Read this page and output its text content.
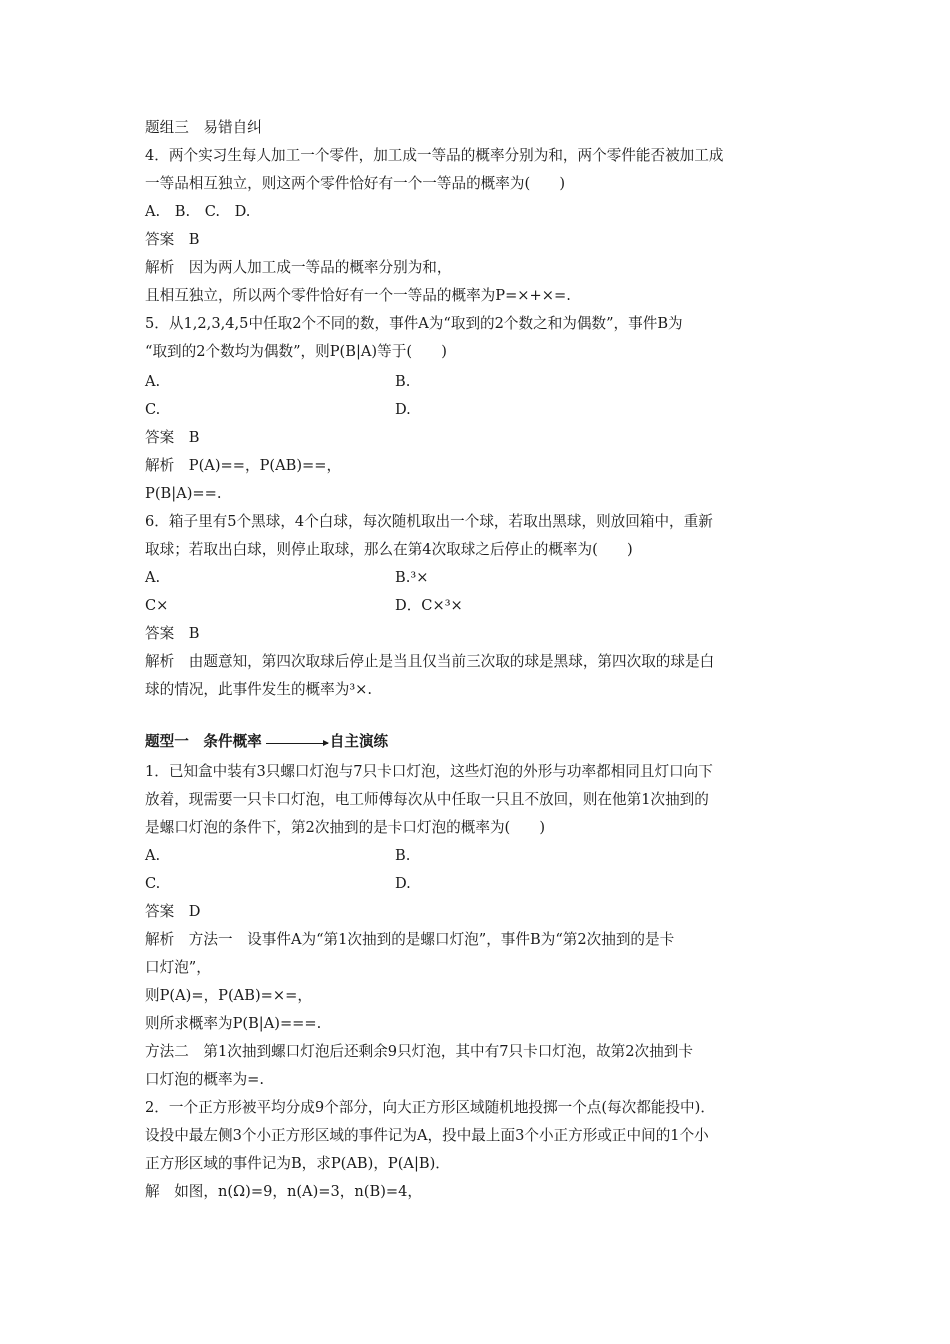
题组三　易错自纠
4．两个实习生每人加工一个零件，加工成一等品的概率分别为和，两个零件能否被加工成
一等品相互独立，则这两个零件恰好有一个一等品的概率为(　　)
A.　B.　C.　D.
答案　B
解析　因为两人加工成一等品的概率分别为和，
且相互独立，所以两个零件恰好有一个一等品的概率为P=×+×=.
5．从1,2,3,4,5中任取2个不同的数，事件A为“取到的2个数之和为偶数”，事件B为
“取到的2个数均为偶数”，则P(B|A)等于(　　)
A.	B.
C.	D.
答案　B
解析　P(A)==，P(AB)==，
P(B|A)==.
6．箱子里有5个黑球，4个白球，每次随机取出一个球，若取出黑球，则放回箱中，重新
取球；若取出白球，则停止取球，那么在第4次取球之后停止的概率为(　　)
A.	B.³×
C×	D．C×³×
答案　B
解析　由题意知，第四次取球后停止是当且仅当前三次取的球是黑球，第四次取的球是白
球的情况，此事件发生的概率为³×.
题型一　条件概率	自主演练
1．已知盒中装有3只螺口灯泡与7只卡口灯泡，这些灯泡的外形与功率都相同且灯口向下
放着，现需要一只卡口灯泡，电工师傅每次从中任取一只且不放回，则在他第1次抽到的
是螺口灯泡的条件下，第2次抽到的是卡口灯泡的概率为(　　)
A.	B.
C.	D.
答案　D
解析　方法一　设事件A为“第1次抽到的是螺口灯泡”，事件B为“第2次抽到的是卡
口灯泡”，
则P(A)=，P(AB)=×=，
则所求概率为P(B|A)===.
方法二　第1次抽到螺口灯泡后还剩余9只灯泡，其中有7只卡口灯泡，故第2次抽到卡
口灯泡的概率为=.
2．一个正方形被平均分成9个部分，向大正方形区域随机地投掷一个点(每次都能投中)．
设投中最左侧3个小正方形区域的事件记为A，投中最上面3个小正方形或正中间的1个小
正方形区域的事件记为B，求P(AB)，P(A|B)．
解　如图，n(Ω)=9，n(A)=3，n(B)=4，
